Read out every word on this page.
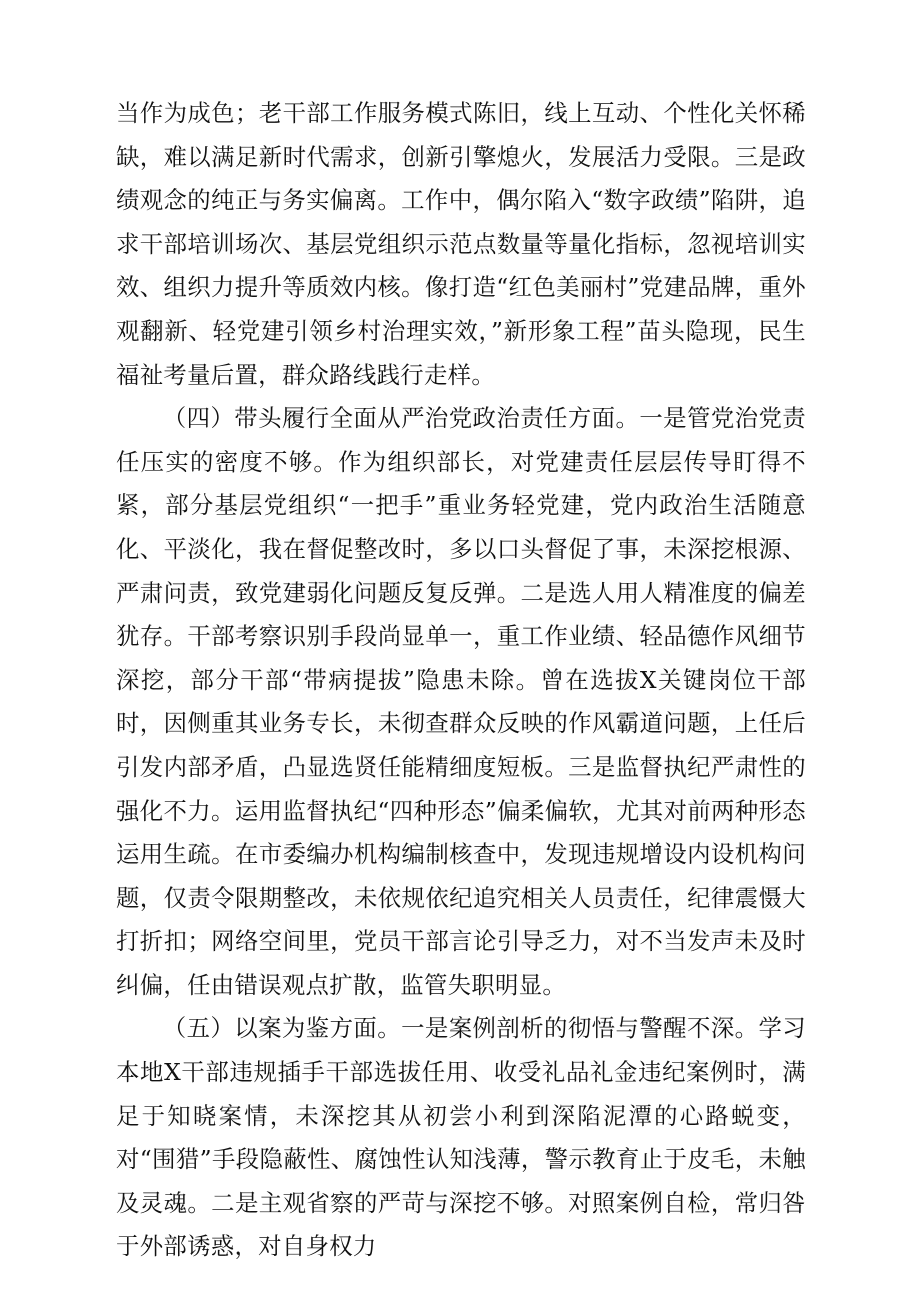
当作为成色；老干部工作服务模式陈旧，线上互动、个性化关怀稀缺，难以满足新时代需求，创新引擎熄火，发展活力受限。三是政绩观念的纯正与务实偏离。工作中，偶尔陷入“数字政绩”陷阱，追求干部培训场次、基层党组织示范点数量等量化指标，忽视培训实效、组织力提升等质效内核。像打造“红色美丽村”党建品牌，重外观翻新、轻党建引领乡村治理实效，”新形象工程”苗头隐现，民生福祉考量后置，群众路线践行走样。

（四）带头履行全面从严治党政治责任方面。一是管党治党责任压实的密度不够。作为组织部长，对党建责任层层传导盯得不紧，部分基层党组织“一把手”重业务轻党建，党内政治生活随意化、平淡化，我在督促整改时，多以口头督促了事，未深挖根源、严肃问责，致党建弱化问题反复反弹。二是选人用人精准度的偏差犹存。干部考察识别手段尚显单一，重工作业绩、轻品德作风细节深挖，部分干部“带病提拔”隐患未除。曾在选拔X关键岗位干部时，因侧重其业务专长，未彻查群众反映的作风霸道问题，上任后引发内部矛盾，凸显选贤任能精细度短板。三是监督执纪严肃性的强化不力。运用监督执纪“四种形态”偏柔偏软，尤其对前两种形态运用生疏。在市委编办机构编制核查中，发现违规增设内设机构问题，仅责令限期整改，未依规依纪追究相关人员责任，纪律震慑大打折扣；网络空间里，党员干部言论引导乏力，对不当发声未及时纠偏，任由错误观点扩散，监管失职明显。

（五）以案为鉴方面。一是案例剖析的彻悟与警醒不深。学习本地X干部违规插手干部选拔任用、收受礼品礼金违纪案例时，满足于知晓案情，未深挖其从初尝小利到深陷泥潭的心路蜕变，对“围猎”手段隐蔽性、腐蚀性认知浅薄，警示教育止于皮毛，未触及灵魂。二是主观省察的严苛与深挖不够。对照案例自检，常归咎于外部诱惑，对自身权力
